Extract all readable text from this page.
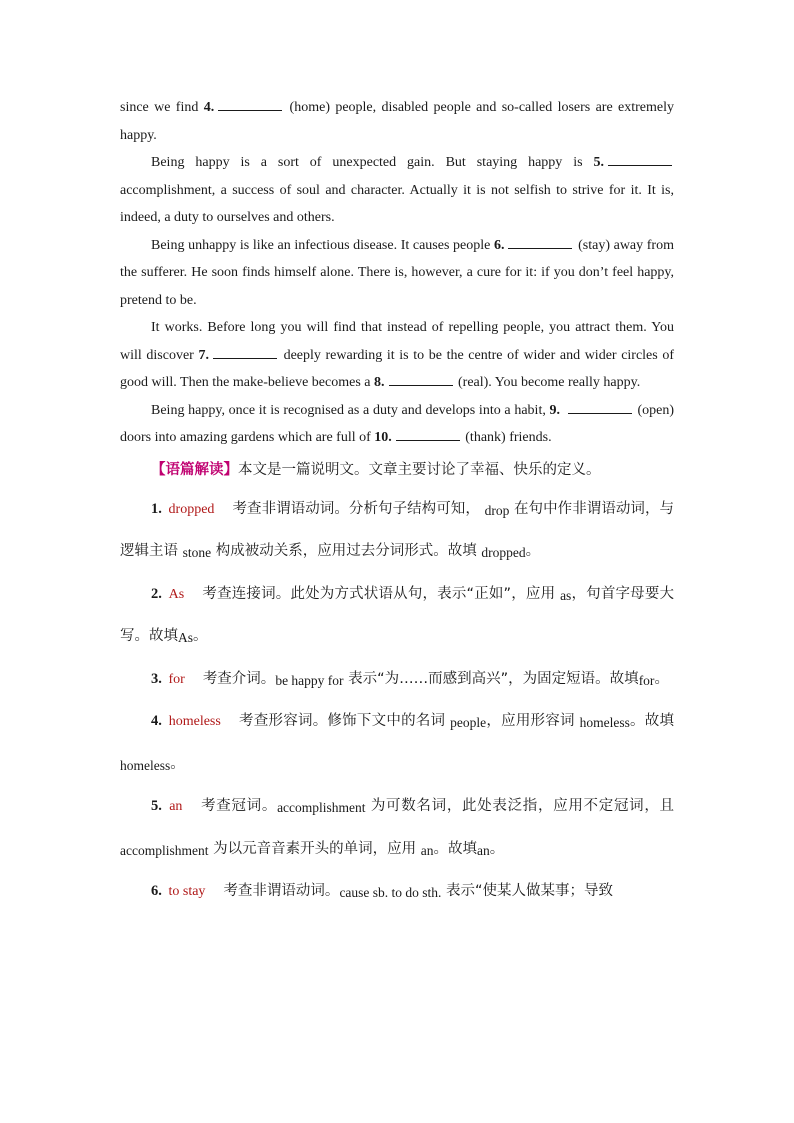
since we find 4.	(home) people, disabled people and so-called losers are extremely happy.

Being happy is a sort of unexpected gain. But staying happy is 5. accomplishment, a success of soul and character. Actually it is not selfish to strive for it. It is, indeed, a duty to ourselves and others.

Being unhappy is like an infectious disease. It causes people 6.	(stay) away from the sufferer. He soon finds himself alone. There is, however, a cure for it: if you don’t feel happy, pretend to be.

It works. Before long you will find that instead of repelling people, you attract them. You will discover 7.	deeply rewarding it is to be the centre of wider and wider circles of good will. Then the make-believe becomes a 8.	(real). You become really happy.

Being happy, once it is recognised as a duty and develops into a habit, 9.	(open) doors into amazing gardens which are full of 10.	(thank) friends.

【语篇解读】本文是一篇说明文。文章主要讨论了幸福、快乐的定义。

1. dropped 考查非谓语动词。分析句子结构可知， drop 在句中作非谓语动词，与逻辑主语 stone 构成被动关系，应用过去分词形式。故填 dropped。

2. As 考查连接词。此处为方式状语从句，表示“正如”，应用 as，句首字母要大写。故填As。

3. for 考查介词。be happy for 表示“为……而感到高兴”，为固定短语。故填for。

4. homeless 考查形容词。修饰下文中的名词 people，应用形容词 homeless。故填homeless。

5. an 考查冠词。accomplishment 为可数名词，此处表泛指，应用不定冠词，且 accomplishment 为以元音音素开头的单词，应用 an。故填an。

6. to stay 考查非谓语动词。cause sb. to do sth. 表示“使某人做某事；导致
